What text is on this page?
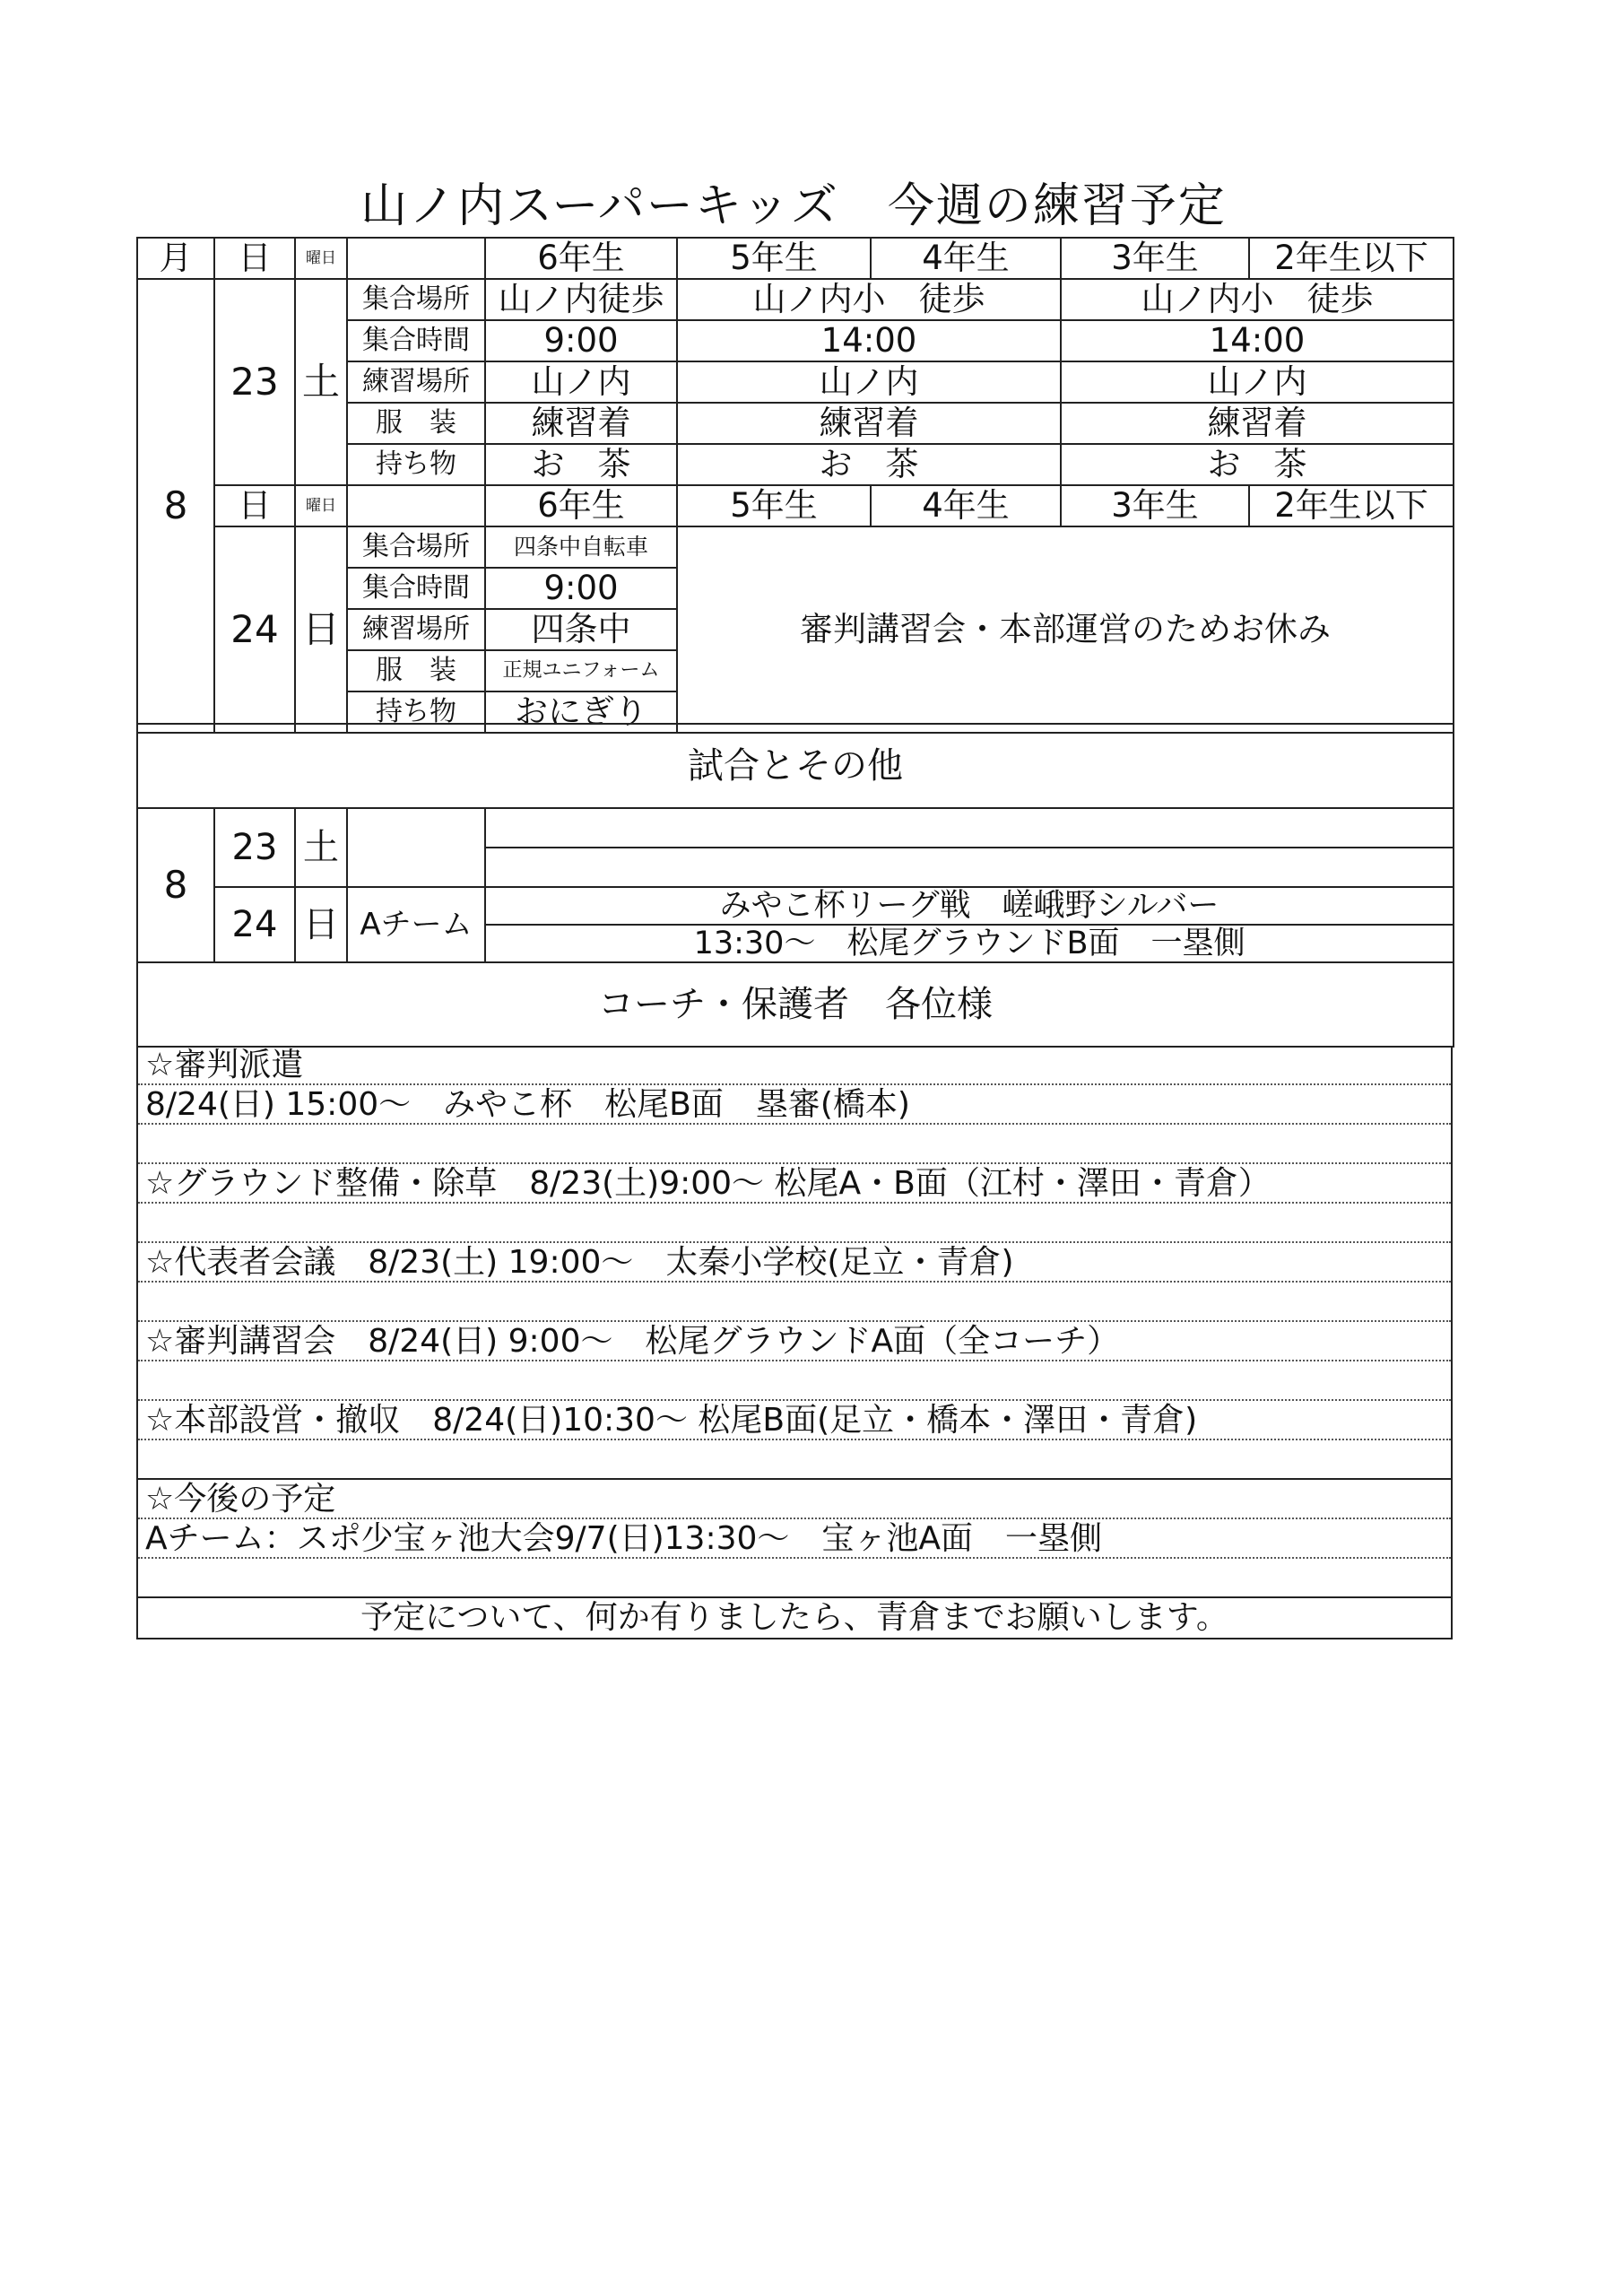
山ノ内スーパーキッズ　今週の練習予定
月	日	曜日		6年生	5年生	4年生	3年生	2年生以下
8	23	土	集合場所	山ノ内徒歩	山ノ内小　徒歩		山ノ内小　徒歩	
			集合時間	9:00	14:00		14:00	
			練習場所	山ノ内	山ノ内		山ノ内	
			服　装	練習着	練習着		練習着	
			持ち物	お　茶	お　茶		お　茶	
	日	曜日		6年生	5年生	4年生	3年生	2年生以下
	24	日	集合場所	四条中自転車	審判講習会・本部運営のためお休み			
			集合時間	9:00				
			練習場所	四条中				
			服　装	正規ユニフォーム				
			持ち物	おにぎり				
試合とその他				
8	23	土		

	24	日	Aチーム	みやこ杯リーグ戦　嵯峨野シルバー
				13:30～　松尾グラウンドB面　一塁側
コーチ・保護者　各位様				
☆審判派遣
8/24(日) 15:00～　みやこ杯　松尾B面　塁審(橋本)
☆グラウンド整備・除草　8/23(土)9:00～ 松尾A・B面（江村・澤田・青倉）
☆代表者会議　8/23(土) 19:00～　太秦小学校(足立・青倉)
☆審判講習会　8/24(日) 9:00～　松尾グラウンドA面（全コーチ）
☆本部設営・撤収　8/24(日)10:30～ 松尾B面(足立・橋本・澤田・青倉)
☆今後の予定
Aチーム：スポ少宝ヶ池大会9/7(日)13:30～　宝ヶ池A面　一塁側
予定について、何か有りましたら、青倉までお願いします。
